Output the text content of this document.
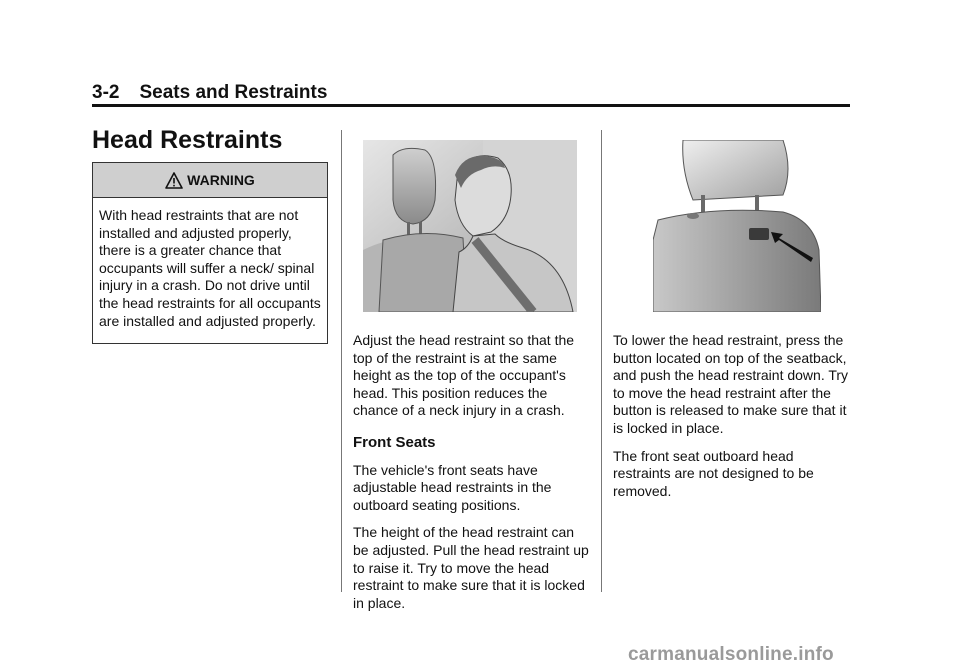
3-2 Seats and Restraints
Head Restraints
WARNING
With head restraints that are not installed and adjusted properly, there is a greater chance that occupants will suffer a neck/ spinal injury in a crash. Do not drive until the head restraints for all occupants are installed and adjusted properly.

Adjust the head restraint so that the top of the restraint is at the same height as the top of the occupant's head. This position reduces the chance of a neck injury in a crash.

Front Seats

The vehicle's front seats have adjustable head restraints in the outboard seating positions.

The height of the head restraint can be adjusted. Pull the head restraint up to raise it. Try to move the head restraint to make sure that it is locked in place.

To lower the head restraint, press the button located on top of the seatback, and push the head restraint down. Try to move the head restraint after the button is released to make sure that it is locked in place.

The front seat outboard head restraints are not designed to be removed.

carmanualsonline.info
